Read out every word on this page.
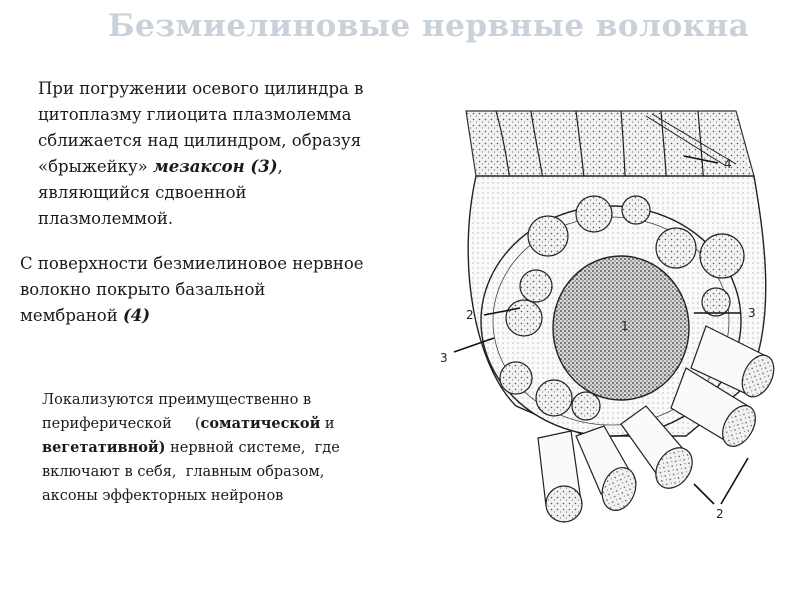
Безмиелиновые нервные волокна
При погружении осевого цилиндра в
цитоплазму глиоцита плазмолемма
сближается над цилиндром, образуя
«брыжейку» мезаксон (3),
являющийся сдвоенной
плазмолеммой.
С поверхности безмиелиновое нервное
волокно покрыто базальной
мембраной (4)
Локализуются преимущественно в
периферической     (соматической и
вегетативной) нервной системе,  где
включают в себя,  главным образом,
аксоны эффекторных нейронов
4
1
2	3
3
2
